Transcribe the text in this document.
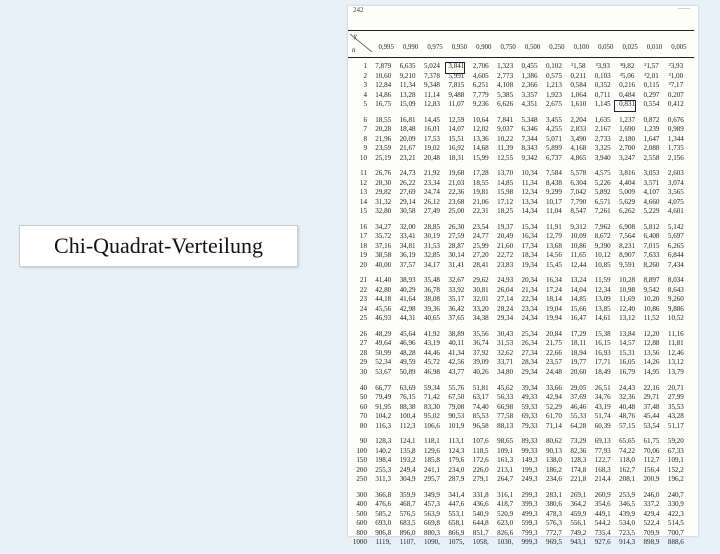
Chi-Quadrat-Verteilung
242	——
γ
n	0,995	0,990	0,975	0,950	0,900	0,750	0,500	0,250	0,100	0,050	0,025	0,010	0,005
1	7,879	6,635	5,024	3,841	2,706	1,323	0,455	0,102	²1,58	³3,93	³9,82	³1,57	³3,93
2	10,60	9,210	7,378	5,991	4,605	2,773	1,386	0,575	0,211	0,103	³5,06	³2,01	³1,00
3	12,84	11,34	9,348	7,815	6,251	4,108	2,366	1,213	0,584	0,352	0,216	0,115	³7,17
4	14,86	13,28	11,14	9,488	7,779	5,385	3,357	1,923	1,064	0,711	0,484	0,297	0,207
5	16,75	15,09	12,83	11,07	9,236	6,626	4,351	2,675	1,610	1,145	0,831	0,554	0,412
6	18,55	16,81	14,45	12,59	10,64	7,841	5,348	3,455	2,204	1,635	1,237	0,872	0,676
7	20,28	18,48	16,01	14,07	12,02	9,037	6,346	4,255	2,833	2,167	1,690	1,239	0,989
8	21,96	20,09	17,53	15,51	13,36	10,22	7,344	5,071	3,490	2,733	2,180	1,647	1,344
9	23,59	21,67	19,02	16,92	14,68	11,39	8,343	5,899	4,168	3,325	2,700	2,088	1,735
10	25,19	23,21	20,48	18,31	15,99	12,55	9,342	6,737	4,865	3,940	3,247	2,558	2,156
11	26,76	24,73	21,92	19,68	17,28	13,70	10,34	7,584	5,578	4,575	3,816	3,053	2,603
12	28,30	26,22	23,34	21,03	18,55	14,85	11,34	8,438	6,304	5,226	4,404	3,571	3,074
13	29,82	27,69	24,74	22,36	19,81	15,98	12,34	9,299	7,042	5,892	5,009	4,107	3,565
14	31,32	29,14	26,12	23,68	21,06	17,12	13,34	10,17	7,790	6,571	5,629	4,660	4,075
15	32,80	30,58	27,49	25,00	22,31	18,25	14,34	11,04	8,547	7,261	6,262	5,229	4,601
16	34,27	32,00	28,85	26,30	23,54	19,37	15,34	11,91	9,312	7,962	6,908	5,812	5,142
17	35,72	33,41	30,19	27,59	24,77	20,49	16,34	12,79	10,09	8,672	7,564	6,408	5,697
18	37,16	34,81	31,53	28,87	25,99	21,60	17,34	13,68	10,86	9,390	8,231	7,015	6,265
19	38,58	36,19	32,85	30,14	27,20	22,72	18,34	14,56	11,65	10,12	8,907	7,633	6,844
20	40,00	37,57	34,17	31,41	28,41	23,83	19,34	15,45	12,44	10,85	9,591	8,260	7,434
21	41,40	38,93	35,48	32,67	29,62	24,93	20,34	16,34	13,24	11,59	10,28	8,897	8,034
22	42,80	40,29	36,78	33,92	30,81	26,04	21,34	17,24	14,04	12,34	10,98	9,542	8,643
23	44,18	41,64	38,08	35,17	32,01	27,14	22,34	18,14	14,85	13,09	11,69	10,20	9,260
24	45,56	42,98	39,36	36,42	33,20	28,24	23,34	19,04	15,66	13,85	12,40	10,86	9,886
25	46,93	44,31	40,65	37,65	34,38	29,34	24,34	19,94	16,47	14,61	13,12	11,52	10,52
26	48,29	45,64	41,92	38,89	35,56	30,43	25,34	20,84	17,29	15,38	13,84	12,20	11,16
27	49,64	46,96	43,19	40,11	36,74	31,53	26,34	21,75	18,11	16,15	14,57	12,88	11,81
28	50,99	48,28	44,46	41,34	37,92	32,62	27,34	22,66	18,94	16,93	15,31	13,56	12,46
29	52,34	49,59	45,72	42,56	39,09	33,71	28,34	23,57	19,77	17,71	16,05	14,26	13,12
30	53,67	50,89	46,98	43,77	40,26	34,80	29,34	24,48	20,60	18,49	16,79	14,95	13,79
40	66,77	63,69	59,34	55,76	51,81	45,62	39,34	33,66	29,05	26,51	24,43	22,16	20,71
50	79,49	76,15	71,42	67,50	63,17	56,33	49,33	42,94	37,69	34,76	32,36	29,71	27,99
60	91,95	88,38	83,30	79,08	74,40	66,98	59,33	52,29	46,46	43,19	40,48	37,48	35,53
70	104,2	100,4	95,02	90,53	85,53	77,58	69,33	61,70	55,33	51,74	48,76	45,44	43,28
80	116,3	112,3	106,6	101,9	96,58	88,13	79,33	71,14	64,28	60,39	57,15	53,54	51,17
90	128,3	124,1	118,1	113,1	107,6	98,65	89,33	80,62	73,29	69,13	65,65	61,75	59,20
100	140,2	135,8	129,6	124,3	118,5	109,1	99,33	90,13	82,36	77,93	74,22	70,06	67,33
150	198,4	193,2	185,8	179,6	172,6	161,3	149,3	138,0	128,3	122,7	118,0	112,7	109,1
200	255,3	249,4	241,1	234,0	226,0	213,1	199,3	186,2	174,8	168,3	162,7	156,4	152,2
250	311,3	304,9	295,7	287,9	279,1	264,7	249,3	234,6	221,8	214,4	208,1	200,9	196,2
300	366,8	359,9	349,9	341,4	331,8	316,1	299,3	283,1	269,1	260,9	253,9	246,0	240,7
400	476,6	468,7	457,3	447,6	436,6	418,7	399,3	380,6	364,2	354,6	346,5	337,2	330,9
500	585,2	576,5	563,9	553,1	540,9	520,9	499,3	478,3	459,9	449,1	439,9	429,4	422,3
600	693,0	683,5	669,8	658,1	644,8	623,0	599,3	576,3	556,1	544,2	534,0	522,4	514,5
800	906,8	896,0	880,3	866,9	851,7	826,6	799,3	772,7	749,2	735,4	723,5	709,9	700,7
1000	1119,	1107,	1090,	1075,	1058,	1030,	999,3	969,5	943,1	927,6	914,3	898,9	888,6
